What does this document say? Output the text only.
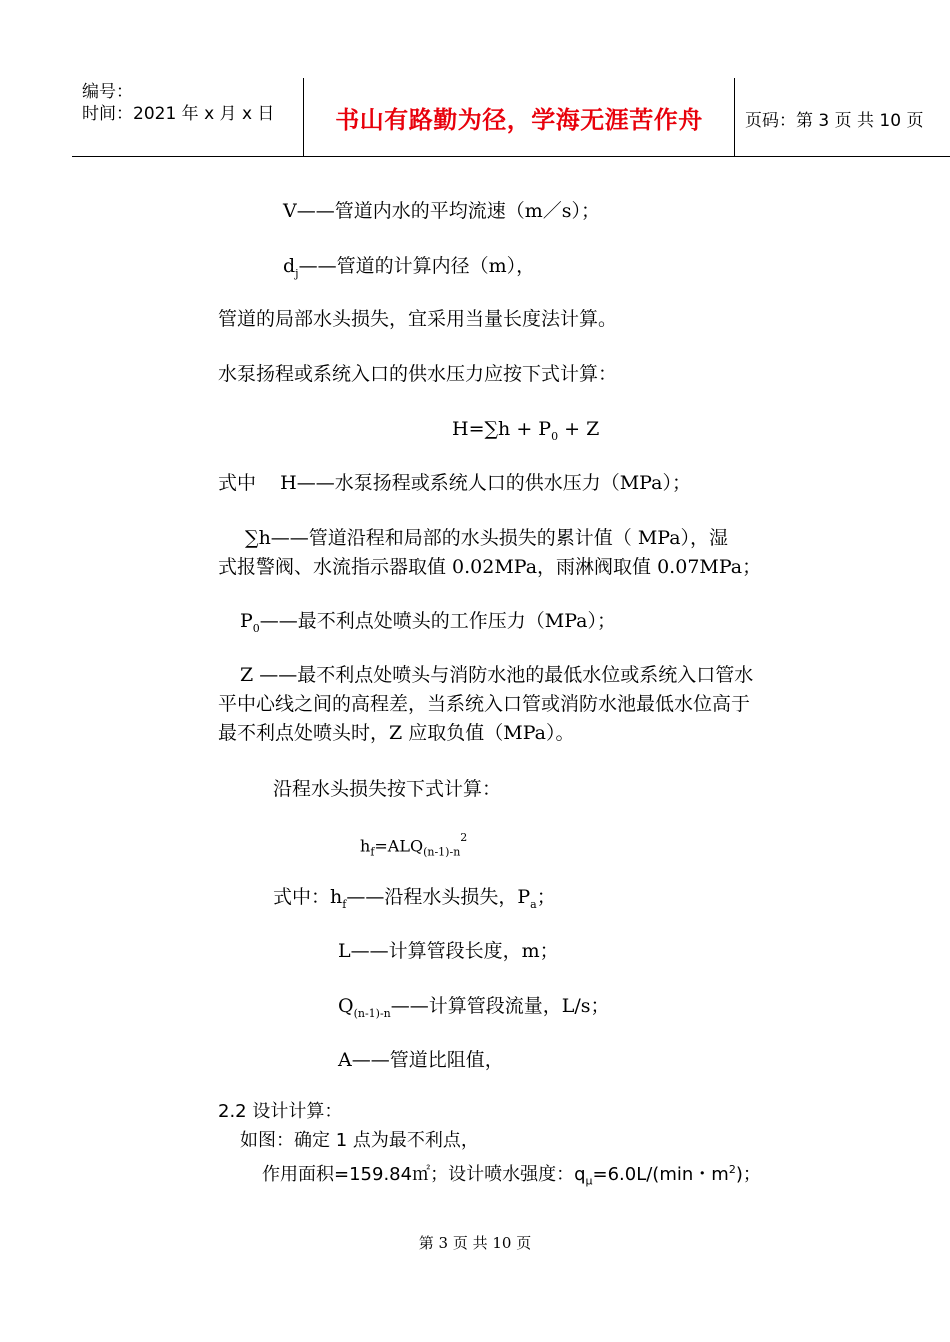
编号：
时间：2021 年 x 月 x 日	书山有路勤为径，学海无涯苦作舟	页码：第 3 页 共 10 页
V——管道内水的平均流速（m／s）；
$d_j——$管道的计算内径（m），
管道的局部水头损失，宜采用当量长度法计算。
水泵扬程或系统入口的供水压力应按下式计算：
$H=\sum h + P_0 + Z$
式中    H——水泵扬程或系统人口的供水压力（MPa）；
∑h——管道沿程和局部的水头损失的累计值（ MPa），湿
式报警阀、水流指示器取值 0.02MPa，雨淋阀取值 0.07MPa；
$P_0——$最不利点处喷头的工作压力（MPa）；
Z ——最不利点处喷头与消防水池的最低水位或系统入口管水
平中心线之间的高程差，当系统入口管或消防水池最低水位高于
最不利点处喷头时，Z 应取负值（MPa）。
沿程水头损失按下式计算：
$h_f=ALQ_{(n-1)-n}^2$
式中：$h_f——$沿程水头损失，$P_a$；
L——计算管段长度，m；
$Q_{(n-1)-n}——$计算管段流量，L/s；
A——管道比阻值，
2.2 设计计算：
如图：确定 1 点为最不利点，
作用面积=159.84㎡；设计喷水强度：$q_\mu=6.0L/(\min$・$m^2$)；
第 3 页 共 10 页
